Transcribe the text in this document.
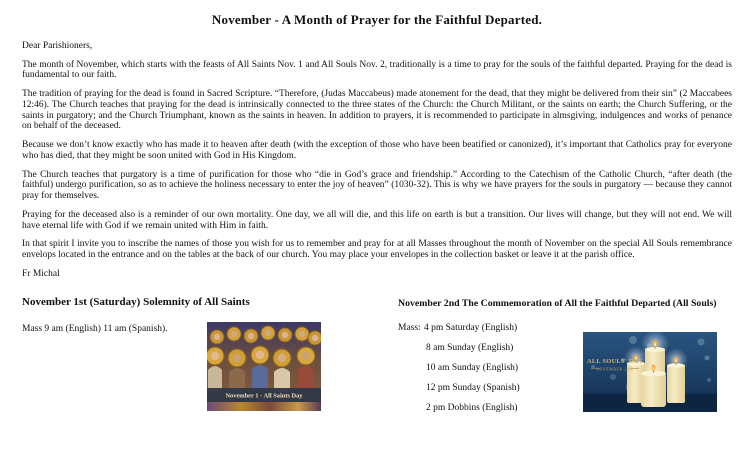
November - A Month of Prayer for the Faithful Departed.

Dear Parishioners,

The month of November, which starts with the feasts of All Saints Nov. 1 and All Souls Nov. 2, traditionally is a time to pray for the souls of the faithful departed. Praying for the dead is fundamental to our faith.

The tradition of praying for the dead is found in Sacred Scripture. “Therefore, (Judas Maccabeus) made atonement for the dead, that they might be delivered from their sin” (2 Maccabees 12:46). The Church teaches that praying for the dead is intrinsically connected to the three states of the Church: the Church Militant, or the saints on earth; the Church Suffering, or the saints in purgatory; and the Church Triumphant, known as the saints in heaven. In addition to prayers, it is recommended to participate in almsgiving, indulgences and works of penance on behalf of the deceased.

Because we don’t know exactly who has made it to heaven after death (with the exception of those who have been beatified or canonized), it’s important that Catholics pray for everyone who has died, that they might be soon united with God in His Kingdom.

The Church teaches that purgatory is a time of purification for those who “die in God’s grace and friendship.” According to the Catechism of the Catholic Church, “after death (the faithful) undergo purification, so as to achieve the holiness necessary to enter the joy of heaven” (1030-32). This is why we have prayers for the souls in purgatory — because they cannot pray for themselves.

Praying for the deceased also is a reminder of our own mortality. One day, we all will die, and this life on earth is but a transition. Our lives will change, but they will not end. We will have eternal life with God if we remain united with Him in faith.

In that spirit I invite you to inscribe the names of those you wish for us to remember and pray for at all Masses throughout the month of November on the special All Souls remembrance envelops located in the entrance and on the tables at the back of our church. You may place your envelopes in the collection basket or leave it at the parish office.

Fr Michal

November 1st (Saturday) Solemnity of All Saints

Mass 9 am (English) 11 am (Spanish).

November 1 - All Saints Day
November 2nd The Commemoration of All the Faithful Departed (All Souls)
Mass: 4 pm Saturday (English)
8 am Sunday (English)
10 am Sunday (English)
12 pm Sunday (Spanish)
2 pm Dobbins (English)
ALL SOULS' DAY
NOVEMBER 2ND
